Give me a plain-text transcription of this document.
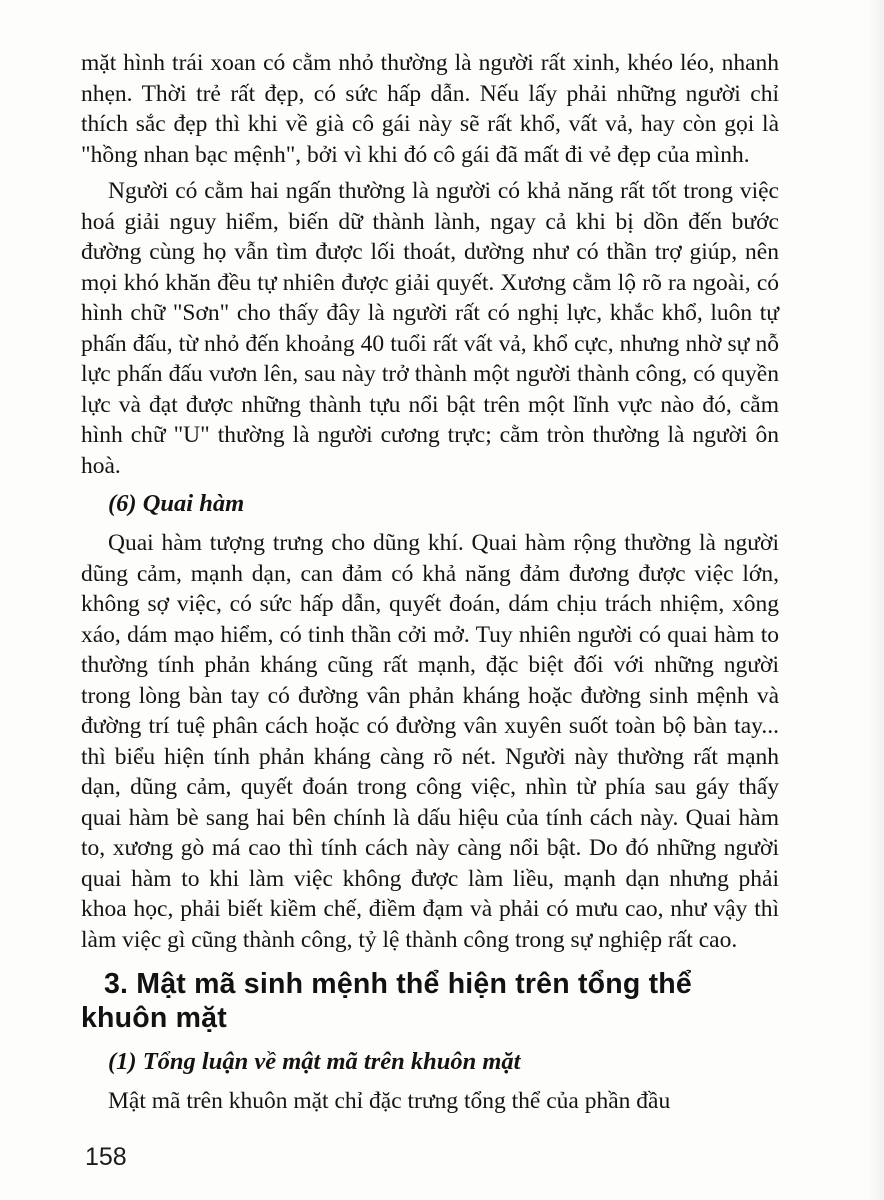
mặt hình trái xoan có cằm nhỏ thường là người rất xinh, khéo léo, nhanh nhẹn. Thời trẻ rất đẹp, có sức hấp dẫn. Nếu lấy phải những người chỉ thích sắc đẹp thì khi về già cô gái này sẽ rất khổ, vất vả, hay còn gọi là "hồng nhan bạc mệnh", bởi vì khi đó cô gái đã mất đi vẻ đẹp của mình.

Người có cằm hai ngấn thường là người có khả năng rất tốt trong việc hoá giải nguy hiểm, biến dữ thành lành, ngay cả khi bị dồn đến bước đường cùng họ vẫn tìm được lối thoát, dường như có thần trợ giúp, nên mọi khó khăn đều tự nhiên được giải quyết. Xương cằm lộ rõ ra ngoài, có hình chữ "Sơn" cho thấy đây là người rất có nghị lực, khắc khổ, luôn tự phấn đấu, từ nhỏ đến khoảng 40 tuổi rất vất vả, khổ cực, nhưng nhờ sự nỗ lực phấn đấu vươn lên, sau này trở thành một người thành công, có quyền lực và đạt được những thành tựu nổi bật trên một lĩnh vực nào đó, cằm hình chữ "U" thường là người cương trực; cằm tròn thường là người ôn hoà.

(6) Quai hàm

Quai hàm tượng trưng cho dũng khí. Quai hàm rộng thường là người dũng cảm, mạnh dạn, can đảm có khả năng đảm đương được việc lớn, không sợ việc, có sức hấp dẫn, quyết đoán, dám chịu trách nhiệm, xông xáo, dám mạo hiểm, có tinh thần cởi mở. Tuy nhiên người có quai hàm to thường tính phản kháng cũng rất mạnh, đặc biệt đối với những người trong lòng bàn tay có đường vân phản kháng hoặc đường sinh mệnh và đường trí tuệ phân cách hoặc có đường vân xuyên suốt toàn bộ bàn tay... thì biểu hiện tính phản kháng càng rõ nét. Người này thường rất mạnh dạn, dũng cảm, quyết đoán trong công việc, nhìn từ phía sau gáy thấy quai hàm bè sang hai bên chính là dấu hiệu của tính cách này. Quai hàm to, xương gò má cao thì tính cách này càng nổi bật. Do đó những người quai hàm to khi làm việc không được làm liều, mạnh dạn nhưng phải khoa học, phải biết kiềm chế, điềm đạm và phải có mưu cao, như vậy thì làm việc gì cũng thành công, tỷ lệ thành công trong sự nghiệp rất cao.

3. Mật mã sinh mệnh thể hiện trên tổng thể khuôn mặt
(1) Tổng luận về mật mã trên khuôn mặt

Mật mã trên khuôn mặt chỉ đặc trưng tổng thể của phần đầu

158
